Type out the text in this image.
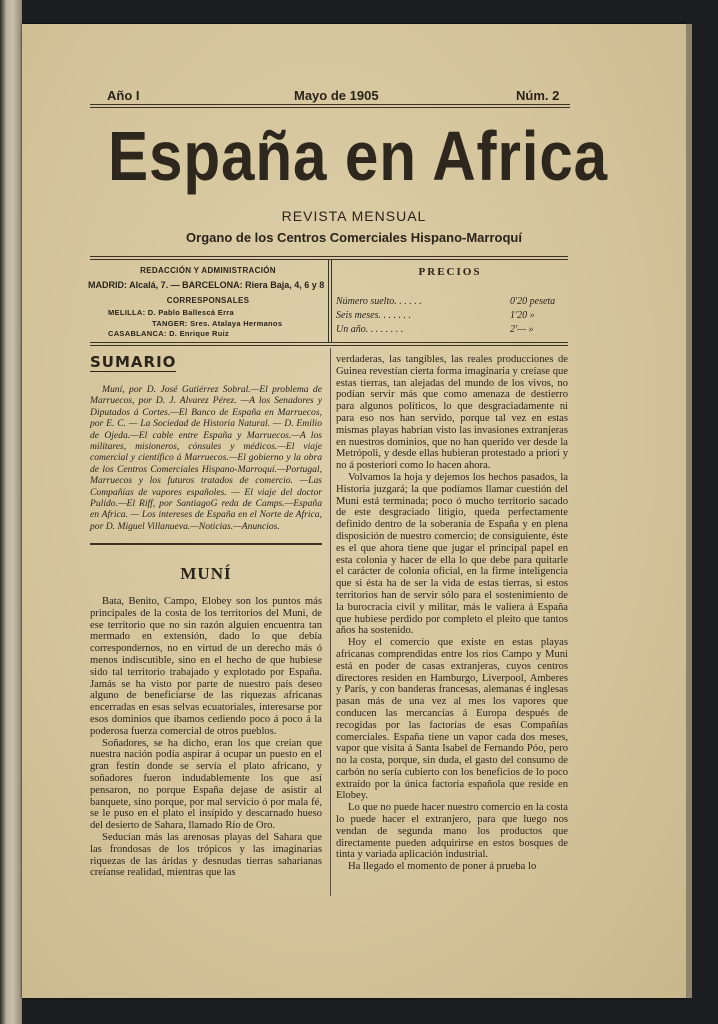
Año I	Mayo de 1905	Núm. 2
España en Africa
REVISTA MENSUAL
Organo de los Centros Comerciales Hispano-Marroquí
REDACCIÓN Y ADMINISTRACIÓN
MADRID: Alcalá, 7. — BARCELONA: Riera Baja, 4, 6 y 8
CORRESPONSALES
MELILLA: D. Pablo Ballescá Erra
TANGER: Sres. Atalaya Hermanos
CASABLANCA: D. Enrique Ruiz
PRECIOS
Número suelto. . . . . .	0'20 peseta
Seis meses. . . . . . .	1'20 »
Un año. . . . . . . .	2'— »
SUMARIO

Muní, por D. José Gutiérrez Sobral.—El problema de Marruecos, por D. J. Alvarez Pérez. —A los Senadores y Diputados á Cortes.—El Banco de España en Marruecos, por E. C. — La Sociedad de Historia Natural. — D. Emilio de Ojeda.—El cable entre España y Marruecos.—A los militares, misioneros, cónsules y médicos.—El viaje comercial y científico á Marruecos.—El gobierno y la obra de los Centros Comerciales Hispano-Marroquí.—Portugal, Marruecos y los futuros tratados de comercio. —Las Compañías de vapores españoles. — El viaje del doctor Pulido.—El Riff, por SantiagoG reda de Camps.—España en Africa. — Los intereses de España en el Norte de Africa, por D. Miguel Villanueva.—Noticias.—Anuncios.

MUNÍ

Bata, Benito, Campo, Elobey son los puntos más principales de la costa de los territorios del Muni, de ese territorio que no sin razón alguien encuentra tan mermado en extensión, dado lo que debía correspondernos, no en virtud de un derecho más ó menos indiscutible, sino en el hecho de que hubiese sido tal territorio trabajado y explotado por España. Jamás se ha visto por parte de nuestro país deseo alguno de beneficiarse de las riquezas africanas encerradas en esas selvas ecuatoriales, interesarse por esos dominios que íbamos cediendo poco á poco á la poderosa fuerza comercial de otros pueblos.

Soñadores, se ha dicho, eran los que creían que nuestra nación podía aspirar á ocupar un puesto en el gran festín donde se servía el plato africano, y soñadores fueron indudablemente los que así pensaron, no porque España dejase de asistir al banquete, sino porque, por mal servicio ó por mala fé, se le puso en el plato el insípido y descarnado hueso del desierto de Sahara, llamado Río de Oro.

Seducían más las arenosas playas del Sahara que las frondosas de los trópicos y las imaginarias riquezas de las áridas y desnudas tierras saharianas creíanse realidad, mientras que las

verdaderas, las tangibles, las reales producciones de Guinea revestían cierta forma imaginaria y creíase que estas tierras, tan alejadas del mundo de los vivos, no podían servir más que como amenaza de destierro para algunos políticos, lo que desgraciadamente ni para eso nos han servido, porque tal vez en estas mismas playas habrían visto las invasiones extranjeras en nuestros dominios, que no han querido ver desde la Metrópoli, y desde ellas hubieran protestado a priori y no á posteriori como lo hacen ahora.

Volvamos la hoja y dejemos los hechos pasados, la Historia juzgará; la que podíamos llamar cuestión del Muni está terminada; poco ó mucho territorio sacado de este desgraciado litigio, queda perfectamente definido dentro de la soberanía de España y en plena disposición de nuestro comercio; de consiguiente, éste es el que ahora tiene que jugar el principal papel en esta colonia y hacer de ella lo que debe para quitarle el carácter de colonia oficial, en la firme inteligencia que si ésta ha de ser la vida de estas tierras, si estos territorios han de servir sólo para el sostenimiento de la burocracia civil y militar, más le valiera á España que hubiese perdido por completo el pleito que tantos años ha sostenido.

Hoy el comercio que existe en estas playas africanas comprendidas entre los ríos Campo y Muni está en poder de casas extranjeras, cuyos centros directores residen en Hamburgo, Liverpool, Amberes y París, y con banderas francesas, alemanas é inglesas pasan más de una vez al mes los vapores que conducen las mercancías á Europa después de recogidas por las factorías de esas Compañías comerciales. España tiene un vapor cada dos meses, vapor que visita á Santa Isabel de Fernando Póo, pero no la costa, porque, sin duda, el gasto del consumo de carbón no sería cubierto con los beneficios de lo poco extraído por la única factoría española que reside en Elobey.

Lo que no puede hacer nuestro comercio en la costa lo puede hacer el extranjero, para que luego nos vendan de segunda mano los productos que directamente pueden adquirirse en estos bosques de tinta y variada aplicación industrial.

Ha llegado el momento de poner á prueba lo
